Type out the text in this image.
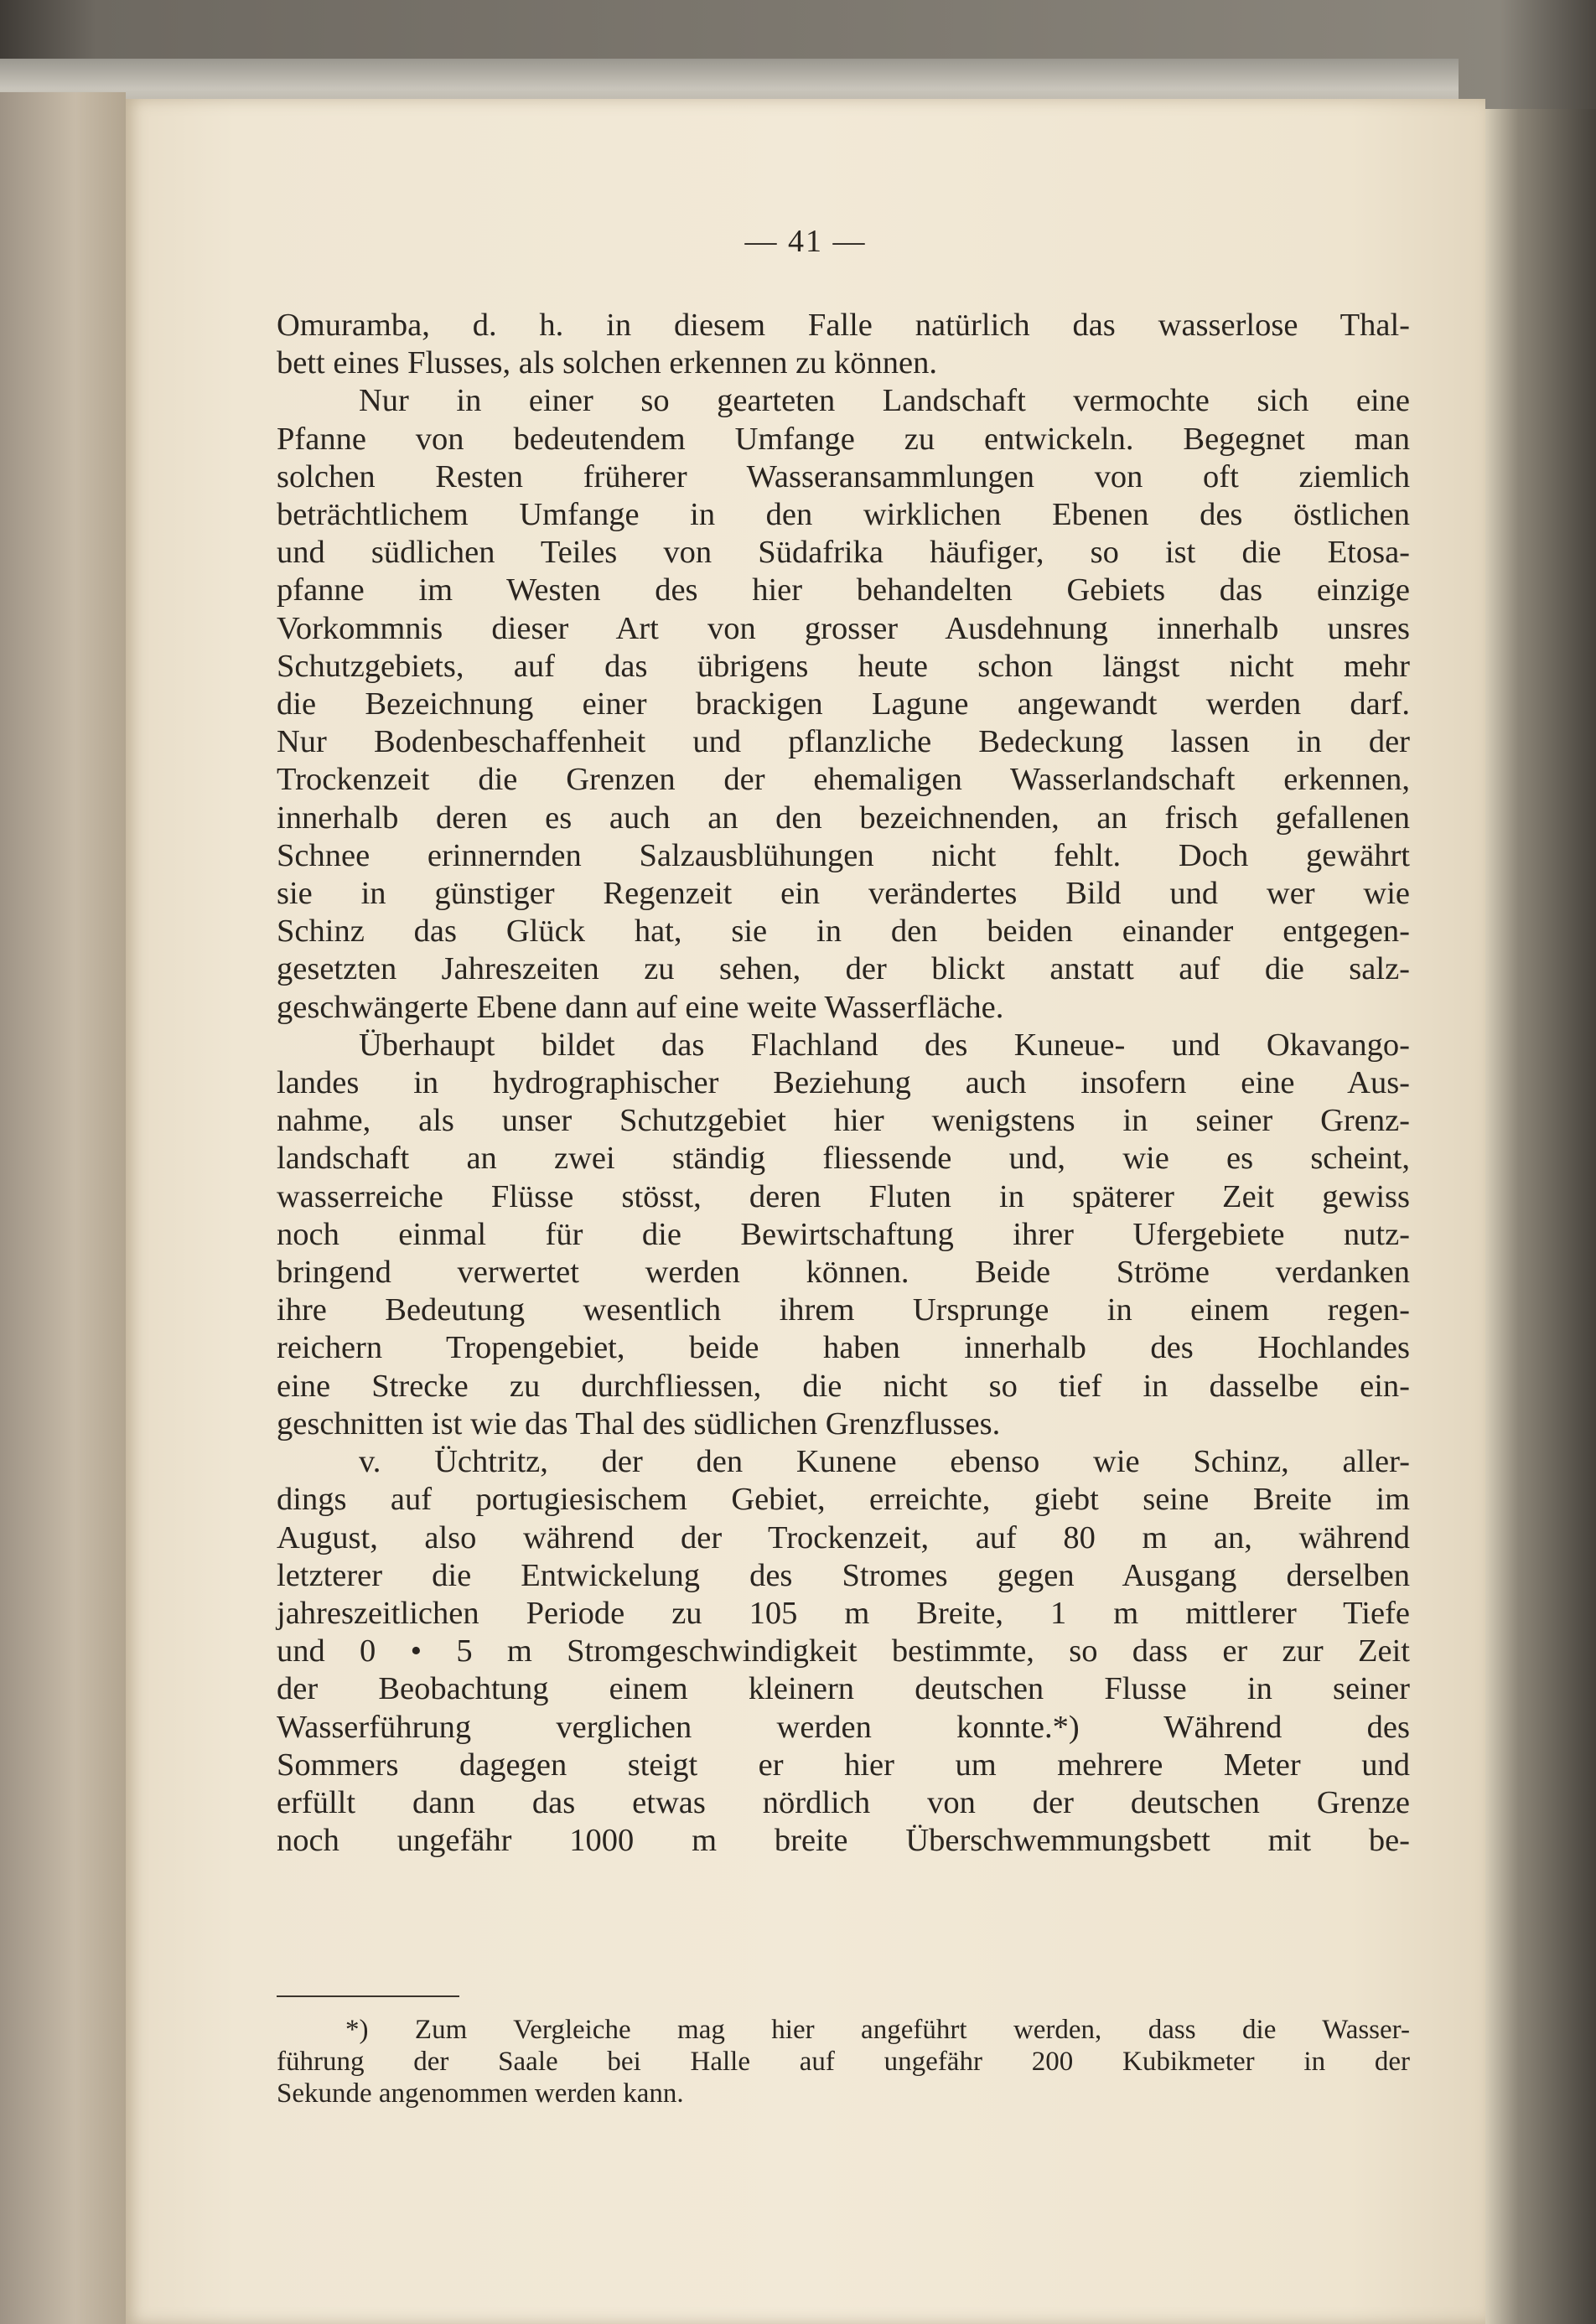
— 41 —

Omuramba, d. h. in diesem Falle natürlich das wasserlose Thal-

bett eines Flusses, als solchen erkennen zu können.

Nur in einer so gearteten Landschaft vermochte sich eine

Pfanne von bedeutendem Umfange zu entwickeln. Begegnet man

solchen Resten früherer Wasseransammlungen von oft ziemlich

beträchtlichem Umfange in den wirklichen Ebenen des östlichen

und südlichen Teiles von Südafrika häufiger, so ist die Etosa-

pfanne im Westen des hier behandelten Gebiets das einzige

Vorkommnis dieser Art von grosser Ausdehnung innerhalb unsres

Schutzgebiets, auf das übrigens heute schon längst nicht mehr

die Bezeichnung einer brackigen Lagune angewandt werden darf.

Nur Bodenbeschaffenheit und pflanzliche Bedeckung lassen in der

Trockenzeit die Grenzen der ehemaligen Wasserlandschaft erkennen,

innerhalb deren es auch an den bezeichnenden, an frisch gefallenen

Schnee erinnernden Salzausblühungen nicht fehlt. Doch gewährt

sie in günstiger Regenzeit ein verändertes Bild und wer wie

Schinz das Glück hat, sie in den beiden einander entgegen-

gesetzten Jahreszeiten zu sehen, der blickt anstatt auf die salz-

geschwängerte Ebene dann auf eine weite Wasserfläche.

Überhaupt bildet das Flachland des Kuneue- und Okavango-

landes in hydrographischer Beziehung auch insofern eine Aus-

nahme, als unser Schutzgebiet hier wenigstens in seiner Grenz-

landschaft an zwei ständig fliessende und, wie es scheint,

wasserreiche Flüsse stösst, deren Fluten in späterer Zeit gewiss

noch einmal für die Bewirtschaftung ihrer Ufergebiete nutz-

bringend verwertet werden können. Beide Ströme verdanken

ihre Bedeutung wesentlich ihrem Ursprunge in einem regen-

reichern Tropengebiet, beide haben innerhalb des Hochlandes

eine Strecke zu durchfliessen, die nicht so tief in dasselbe ein-

geschnitten ist wie das Thal des südlichen Grenzflusses.

v. Üchtritz, der den Kunene ebenso wie Schinz, aller-

dings auf portugiesischem Gebiet, erreichte, giebt seine Breite im

August, also während der Trockenzeit, auf 80 m an, während

letzterer die Entwickelung des Stromes gegen Ausgang derselben

jahreszeitlichen Periode zu 105 m Breite, 1 m mittlerer Tiefe

und 0 • 5 m Stromgeschwindigkeit bestimmte, so dass er zur Zeit

der Beobachtung einem kleinern deutschen Flusse in seiner

Wasserführung verglichen werden konnte.*) Während des

Sommers dagegen steigt er hier um mehrere Meter und

erfüllt dann das etwas nördlich von der deutschen Grenze

noch ungefähr 1000 m breite Überschwemmungsbett mit be-

*) Zum Vergleiche mag hier angeführt werden, dass die Wasser-

führung der Saale bei Halle auf ungefähr 200 Kubikmeter in der

Sekunde angenommen werden kann.
